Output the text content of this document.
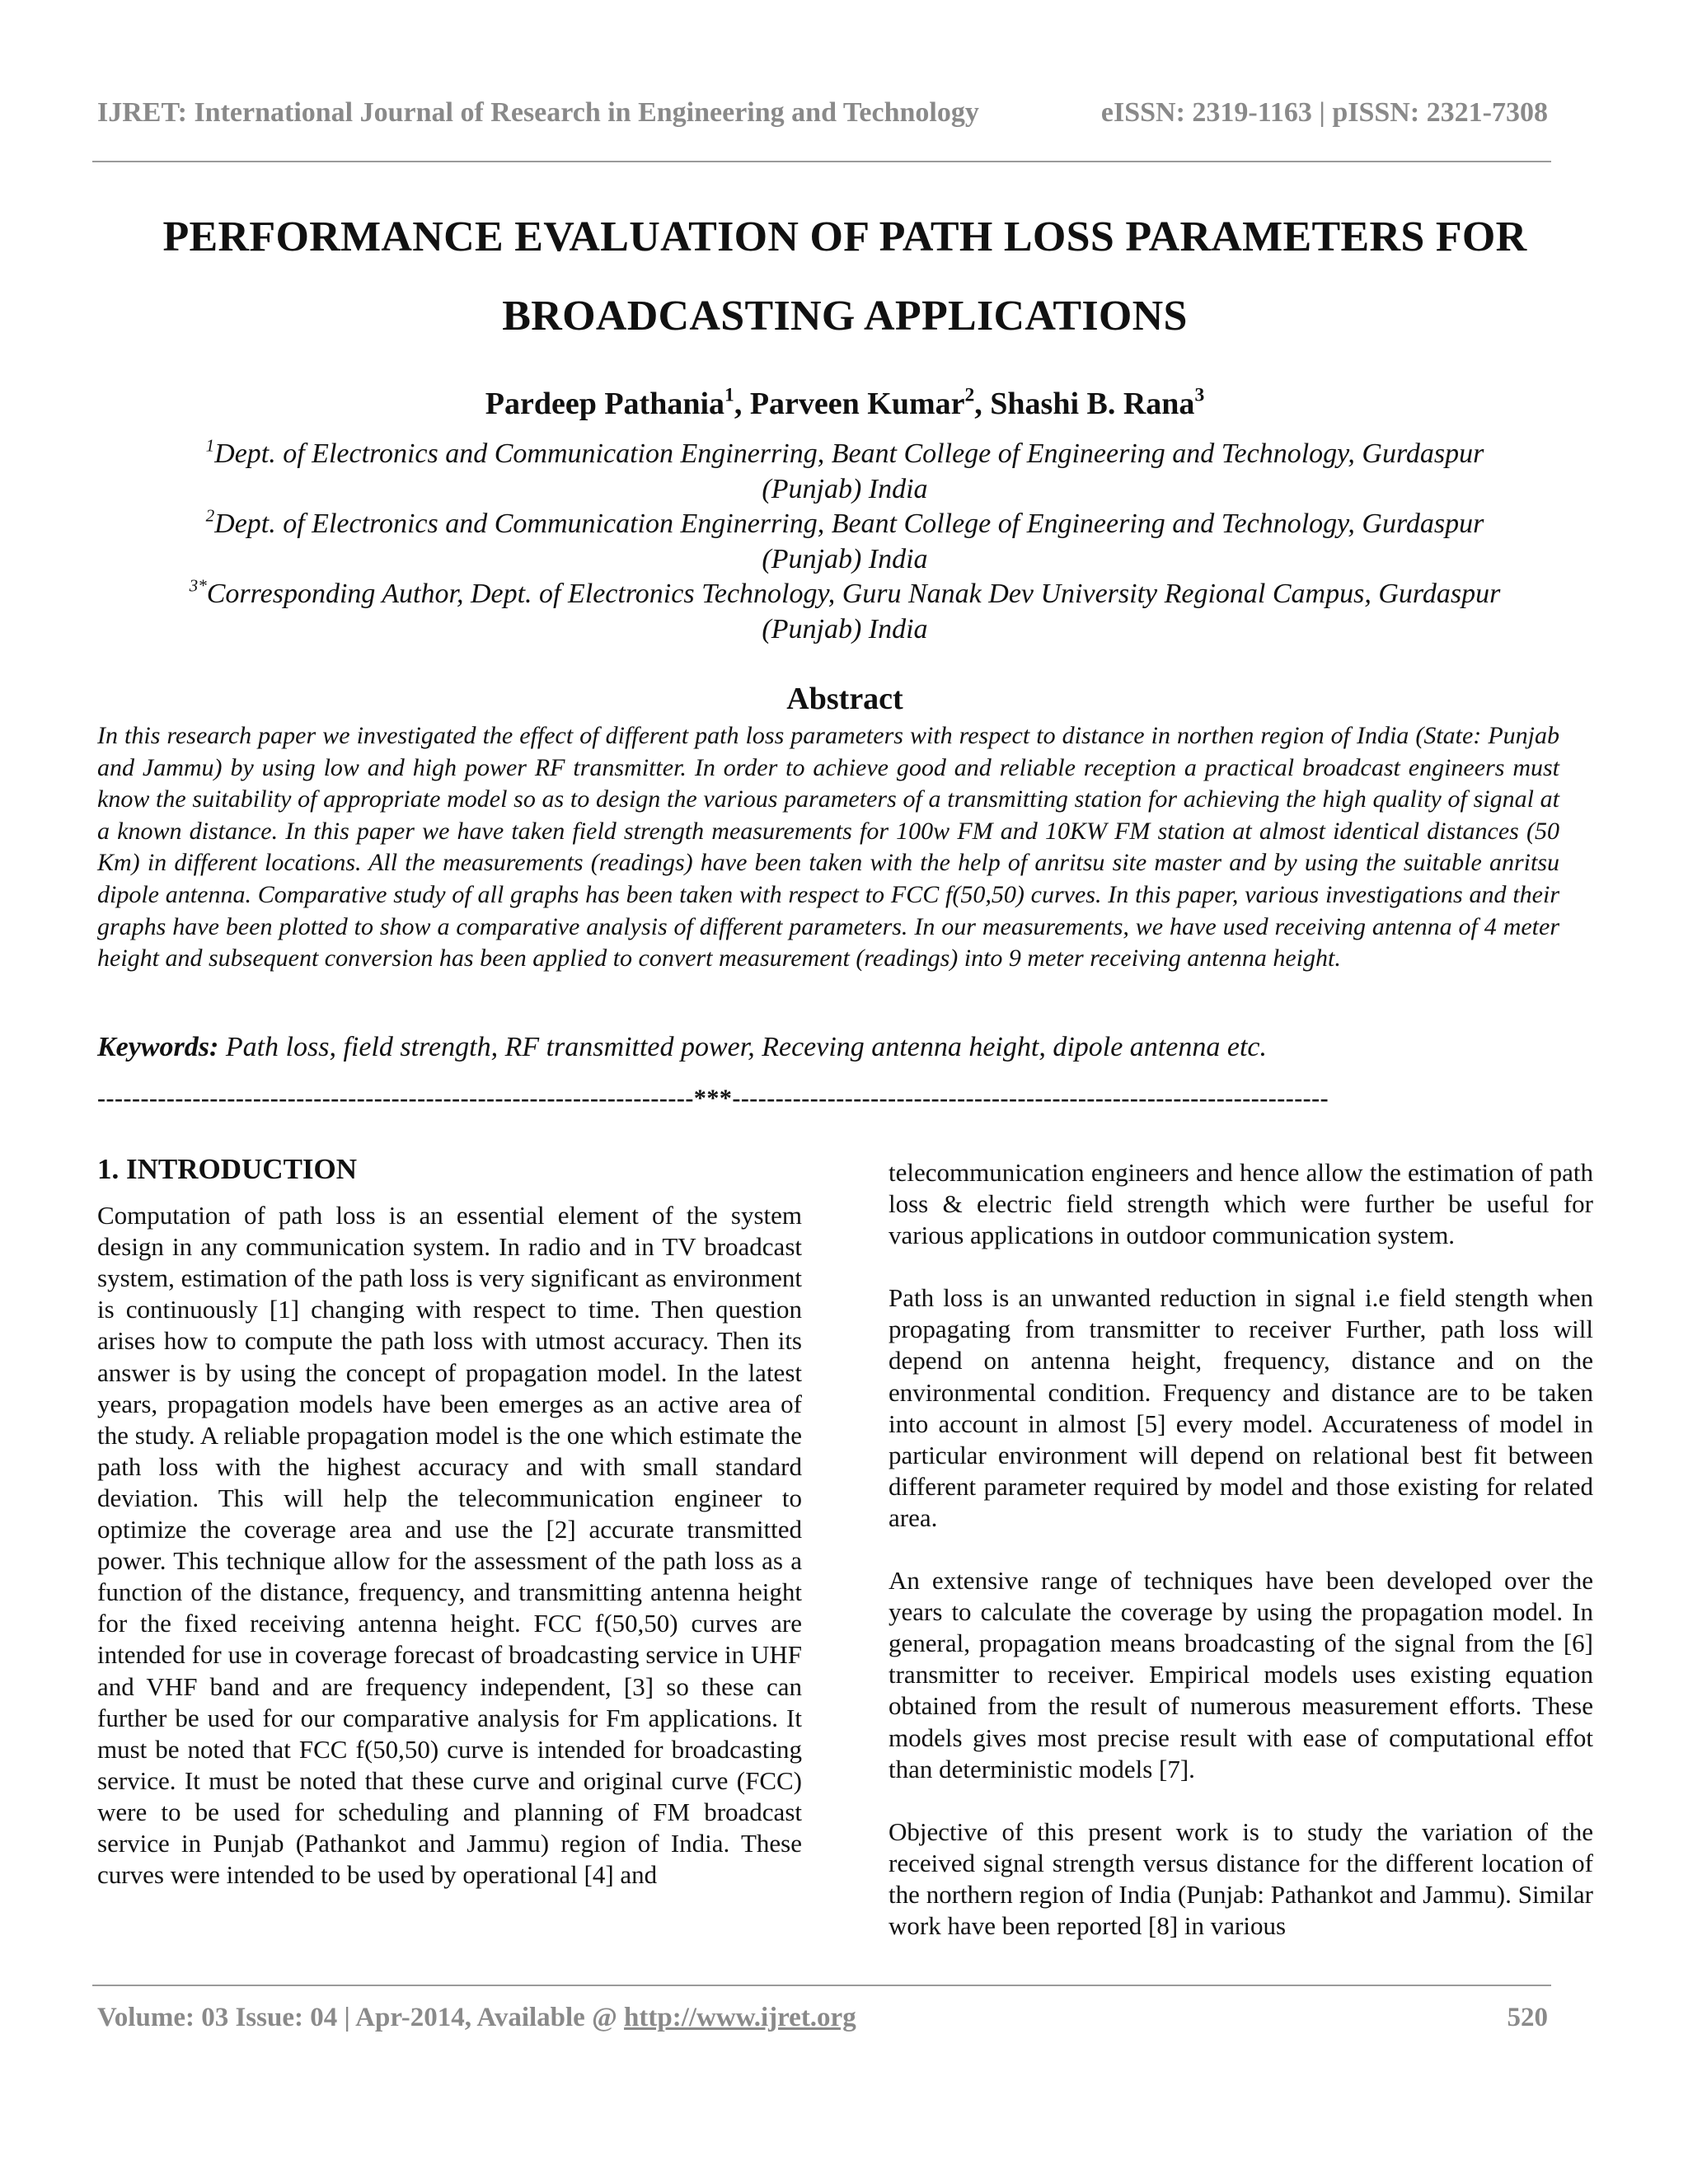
IJRET: International Journal of Research in Engineering and Technology	eISSN: 2319-1163 | pISSN: 2321-7308
PERFORMANCE EVALUATION OF PATH LOSS PARAMETERS FOR
BROADCASTING APPLICATIONS
Pardeep Pathania$^1$, Parveen Kumar$^2$, Shashi B. Rana$^3$
$^1$Dept. of Electronics and Communication Enginerring, Beant College of Engineering and Technology, Gurdaspur
(Punjab) India
$^2$Dept. of Electronics and Communication Enginerring, Beant College of Engineering and Technology, Gurdaspur
(Punjab) India
$^{3*}$Corresponding Author, Dept. of Electronics Technology, Guru Nanak Dev University Regional Campus, Gurdaspur
(Punjab) India
Abstract
In this research paper we investigated the effect of different path loss parameters with respect to distance in northen region of India (State: Punjab and Jammu) by using low and high power RF transmitter. In order to achieve good and reliable reception a practical broadcast engineers must know the suitability of appropriate model so as to design the various parameters of a transmitting station for achieving the high quality of signal at a known distance. In this paper we have taken field strength measurements for 100w FM and 10KW FM station at almost identical distances (50 Km) in different locations. All the measurements (readings) have been taken with the help of anritsu site master and by using the suitable anritsu dipole antenna. Comparative study of all graphs has been taken with respect to FCC f(50,50) curves. In this paper, various investigations and their graphs have been plotted to show a comparative analysis of different parameters. In our measurements, we have used receiving antenna of 4 meter height and subsequent conversion has been applied to convert measurement (readings) into 9 meter receiving antenna height.
Keywords: Path loss, field strength, RF transmitted power, Receving antenna height, dipole antenna etc.
---------------------------------------------------------------------***---------------------------------------------------------------------

1. INTRODUCTION

Computation of path loss is an essential element of the system design in any communication system. In radio and in TV broadcast system, estimation of the path loss is very significant as environment is continuously [1] changing with respect to time. Then question arises how to compute the path loss with utmost accuracy. Then its answer is by using the concept of propagation model. In the latest years, propagation models have been emerges as an active area of the study. A reliable propagation model is the one which estimate the path loss with the highest accuracy and with small standard deviation. This will help the telecommunication engineer to optimize the coverage area and use the [2] accurate transmitted power. This technique allow for the assessment of the path loss as a function of the distance, frequency, and transmitting antenna height for the fixed receiving antenna height. FCC f(50,50) curves are intended for use in coverage forecast of broadcasting service in UHF and VHF band and are frequency independent, [3] so these can further be used for our comparative analysis for Fm applications. It must be noted that FCC f(50,50) curve is intended for broadcasting service. It must be noted that these curve and original curve (FCC) were to be used for scheduling and planning of FM broadcast service in Punjab (Pathankot and Jammu) region of India. These curves were intended to be used by operational [4] and

telecommunication engineers and hence allow the estimation of path loss & electric field strength which were further be useful for various applications in outdoor communication system.

Path loss is an unwanted reduction in signal i.e field stength when propagating from transmitter to receiver Further, path loss will depend on antenna height, frequency, distance and on the environmental condition. Frequency and distance are to be taken into account in almost [5] every model. Accurateness of model in particular environment will depend on relational best fit between different parameter required by model and those existing for related area.

An extensive range of techniques have been developed over the years to calculate the coverage by using the propagation model. In general, propagation means broadcasting of the signal from the [6] transmitter to receiver. Empirical models uses existing equation obtained from the result of numerous measurement efforts. These models gives most precise result with ease of computational effot than deterministic models [7].

Objective of this present work is to study the variation of the received signal strength versus distance for the different location of the northern region of India (Punjab: Pathankot and Jammu). Similar work have been reported [8] in various

Volume: 03 Issue: 04 | Apr-2014, Available @ http://www.ijret.org	520
